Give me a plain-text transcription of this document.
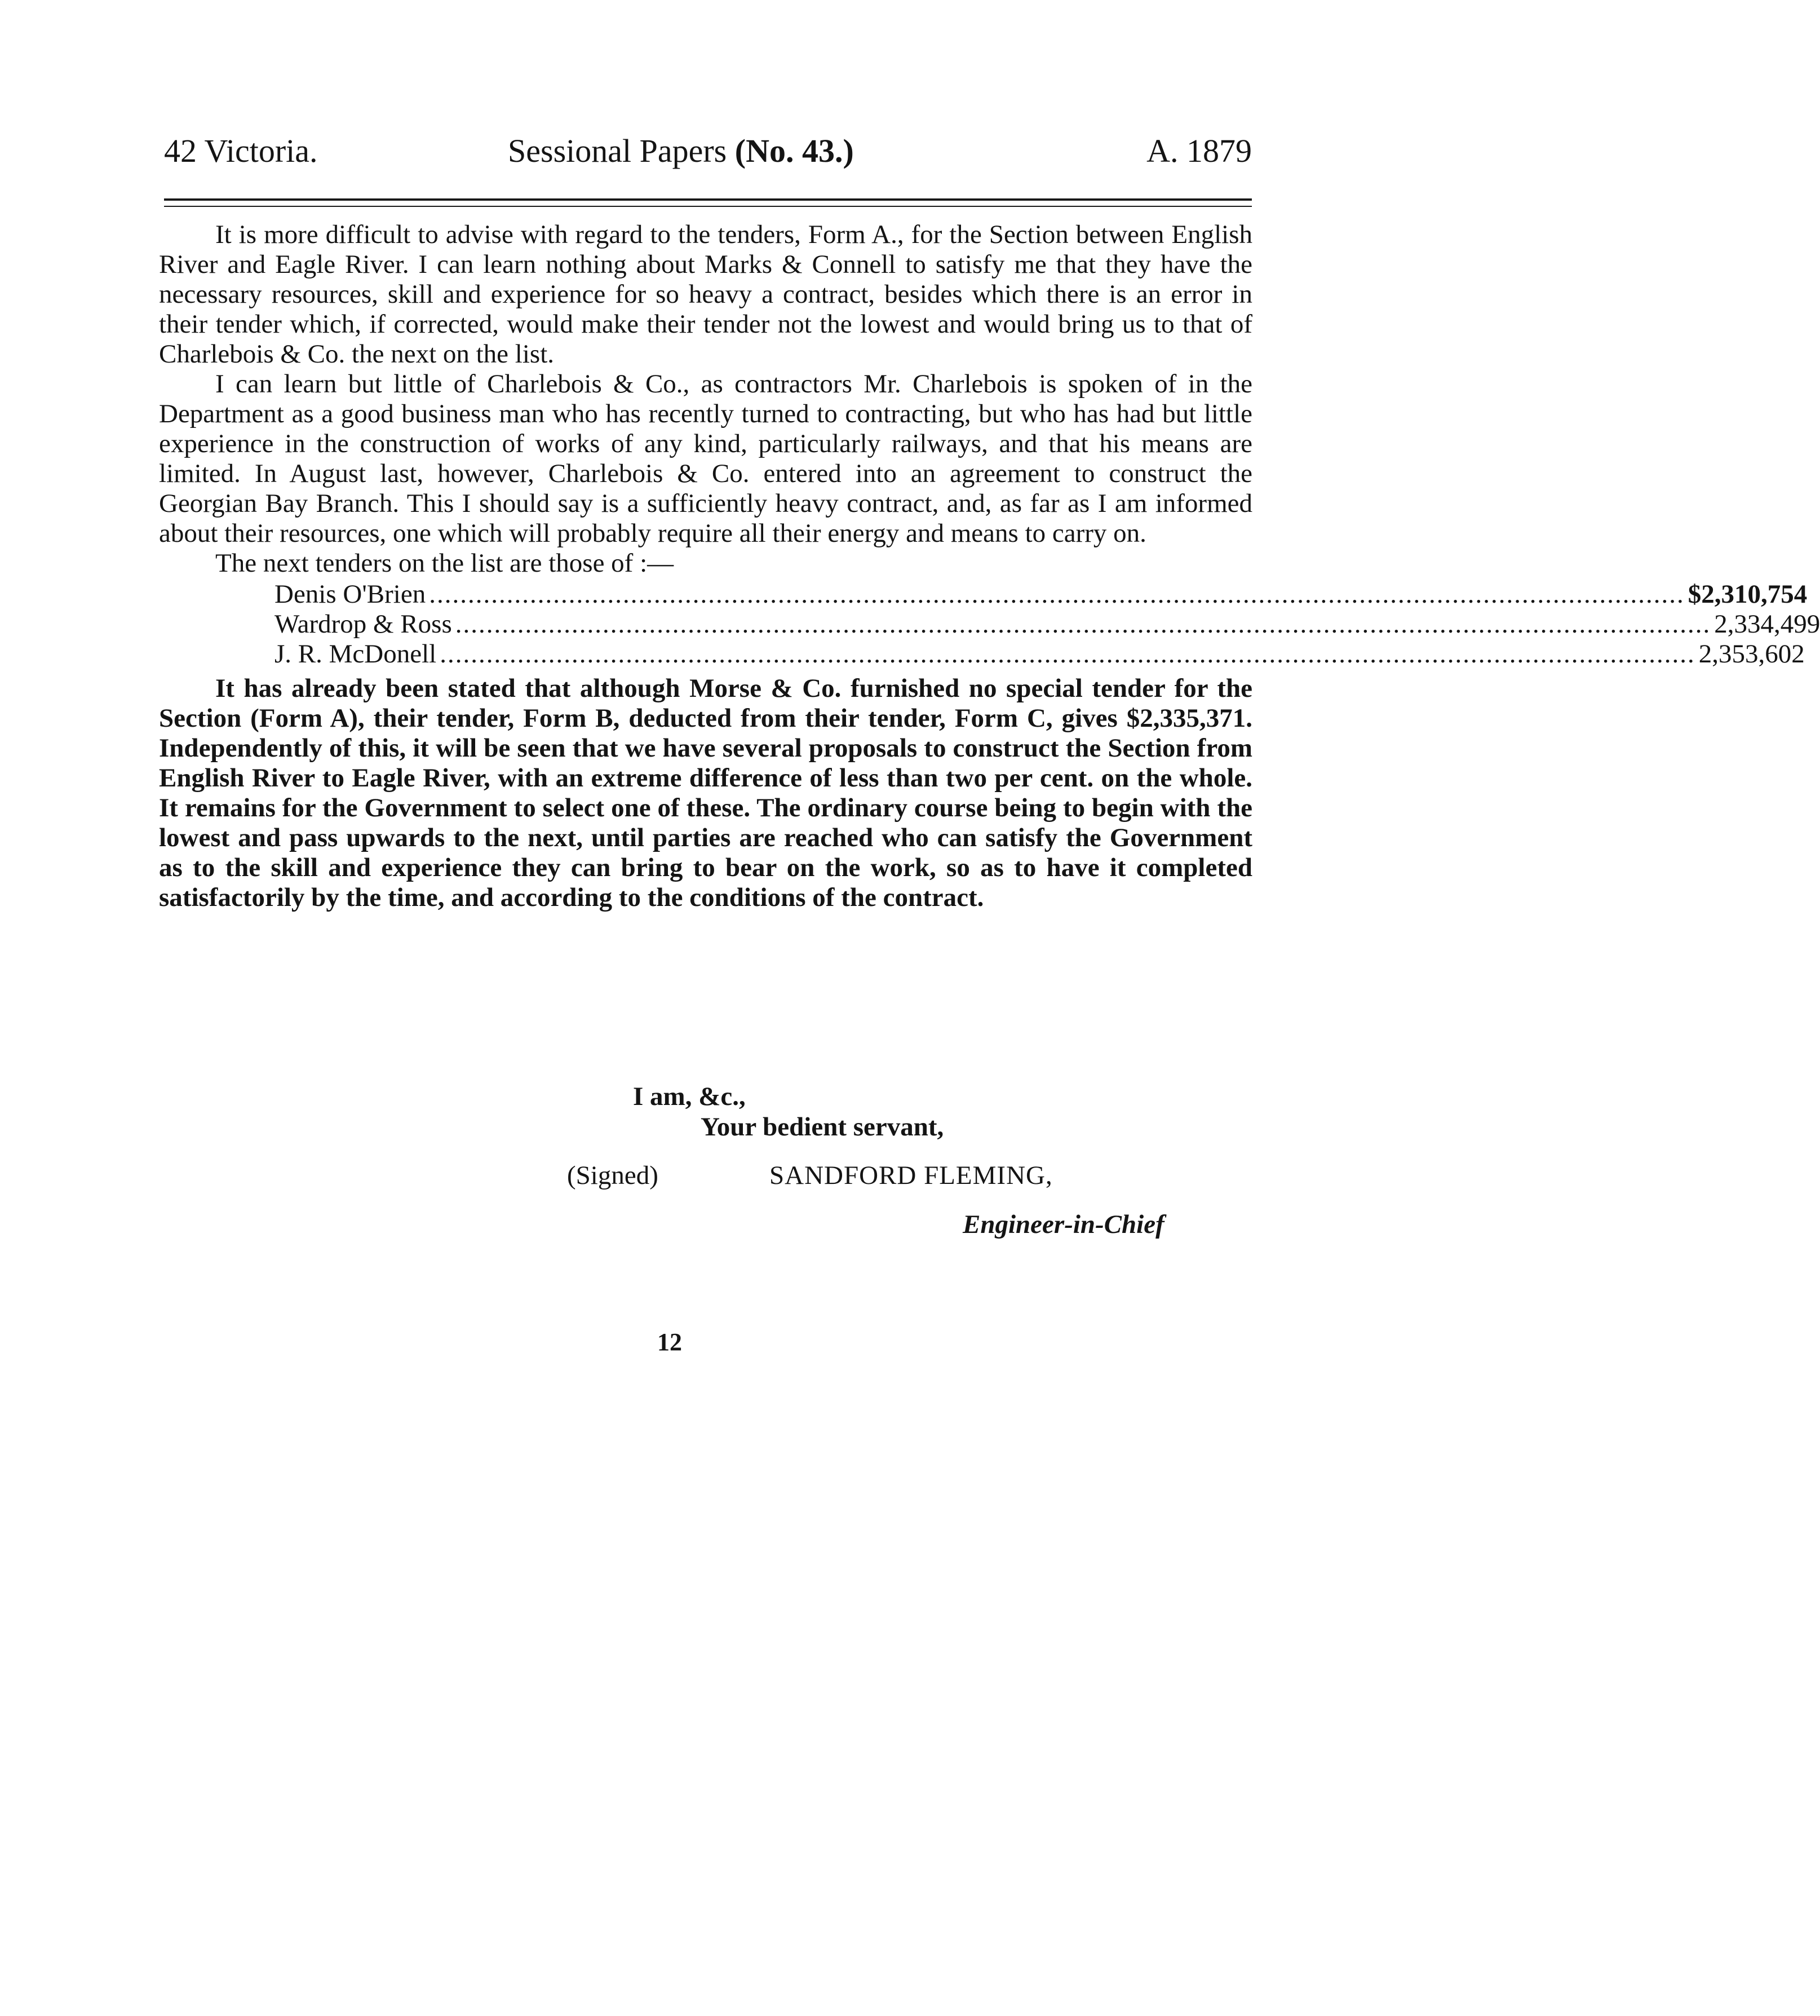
42 Victoria.	Sessional Papers (No. 43.)	A. 1879

It is more difficult to advise with regard to the tenders, Form A., for the Section between English River and Eagle River. I can learn nothing about Marks & Connell to satisfy me that they have the necessary resources, skill and experience for so heavy a contract, besides which there is an error in their tender which, if corrected, would make their tender not the lowest and would bring us to that of Charlebois & Co. the next on the list.

I can learn but little of Charlebois & Co., as contractors Mr. Charlebois is spoken of in the Department as a good business man who has recently turned to contracting, but who has had but little experience in the construction of works of any kind, particularly railways, and that his means are limited. In August last, however, Charlebois & Co. entered into an agreement to construct the Georgian Bay Branch. This I should say is a sufficiently heavy contract, and, as far as I am informed about their resources, one which will probably require all their energy and means to carry on.

The next tenders on the list are those of :—

Denis O'Brien .................................................................................................................................................................. $2,310,754
Wardrop & Ross .................................................................................................................................................................. 2,334,499
J. R. McDonell .................................................................................................................................................................. 2,353,602

It has already been stated that although Morse & Co. furnished no special tender for the Section (Form A), their tender, Form B, deducted from their tender, Form C, gives $2,335,371. Independently of this, it will be seen that we have several proposals to construct the Section from English River to Eagle River, with an extreme difference of less than two per cent. on the whole. It remains for the Government to select one of these. The ordinary course being to begin with the lowest and pass upwards to the next, until parties are reached who can satisfy the Government as to the skill and experience they can bring to bear on the work, so as to have it completed satisfactorily by the time, and according to the conditions of the contract.

I am, &c.,
Your bedient servant,
(Signed)	SANDFORD FLEMING,
Engineer-in-Chief
12
